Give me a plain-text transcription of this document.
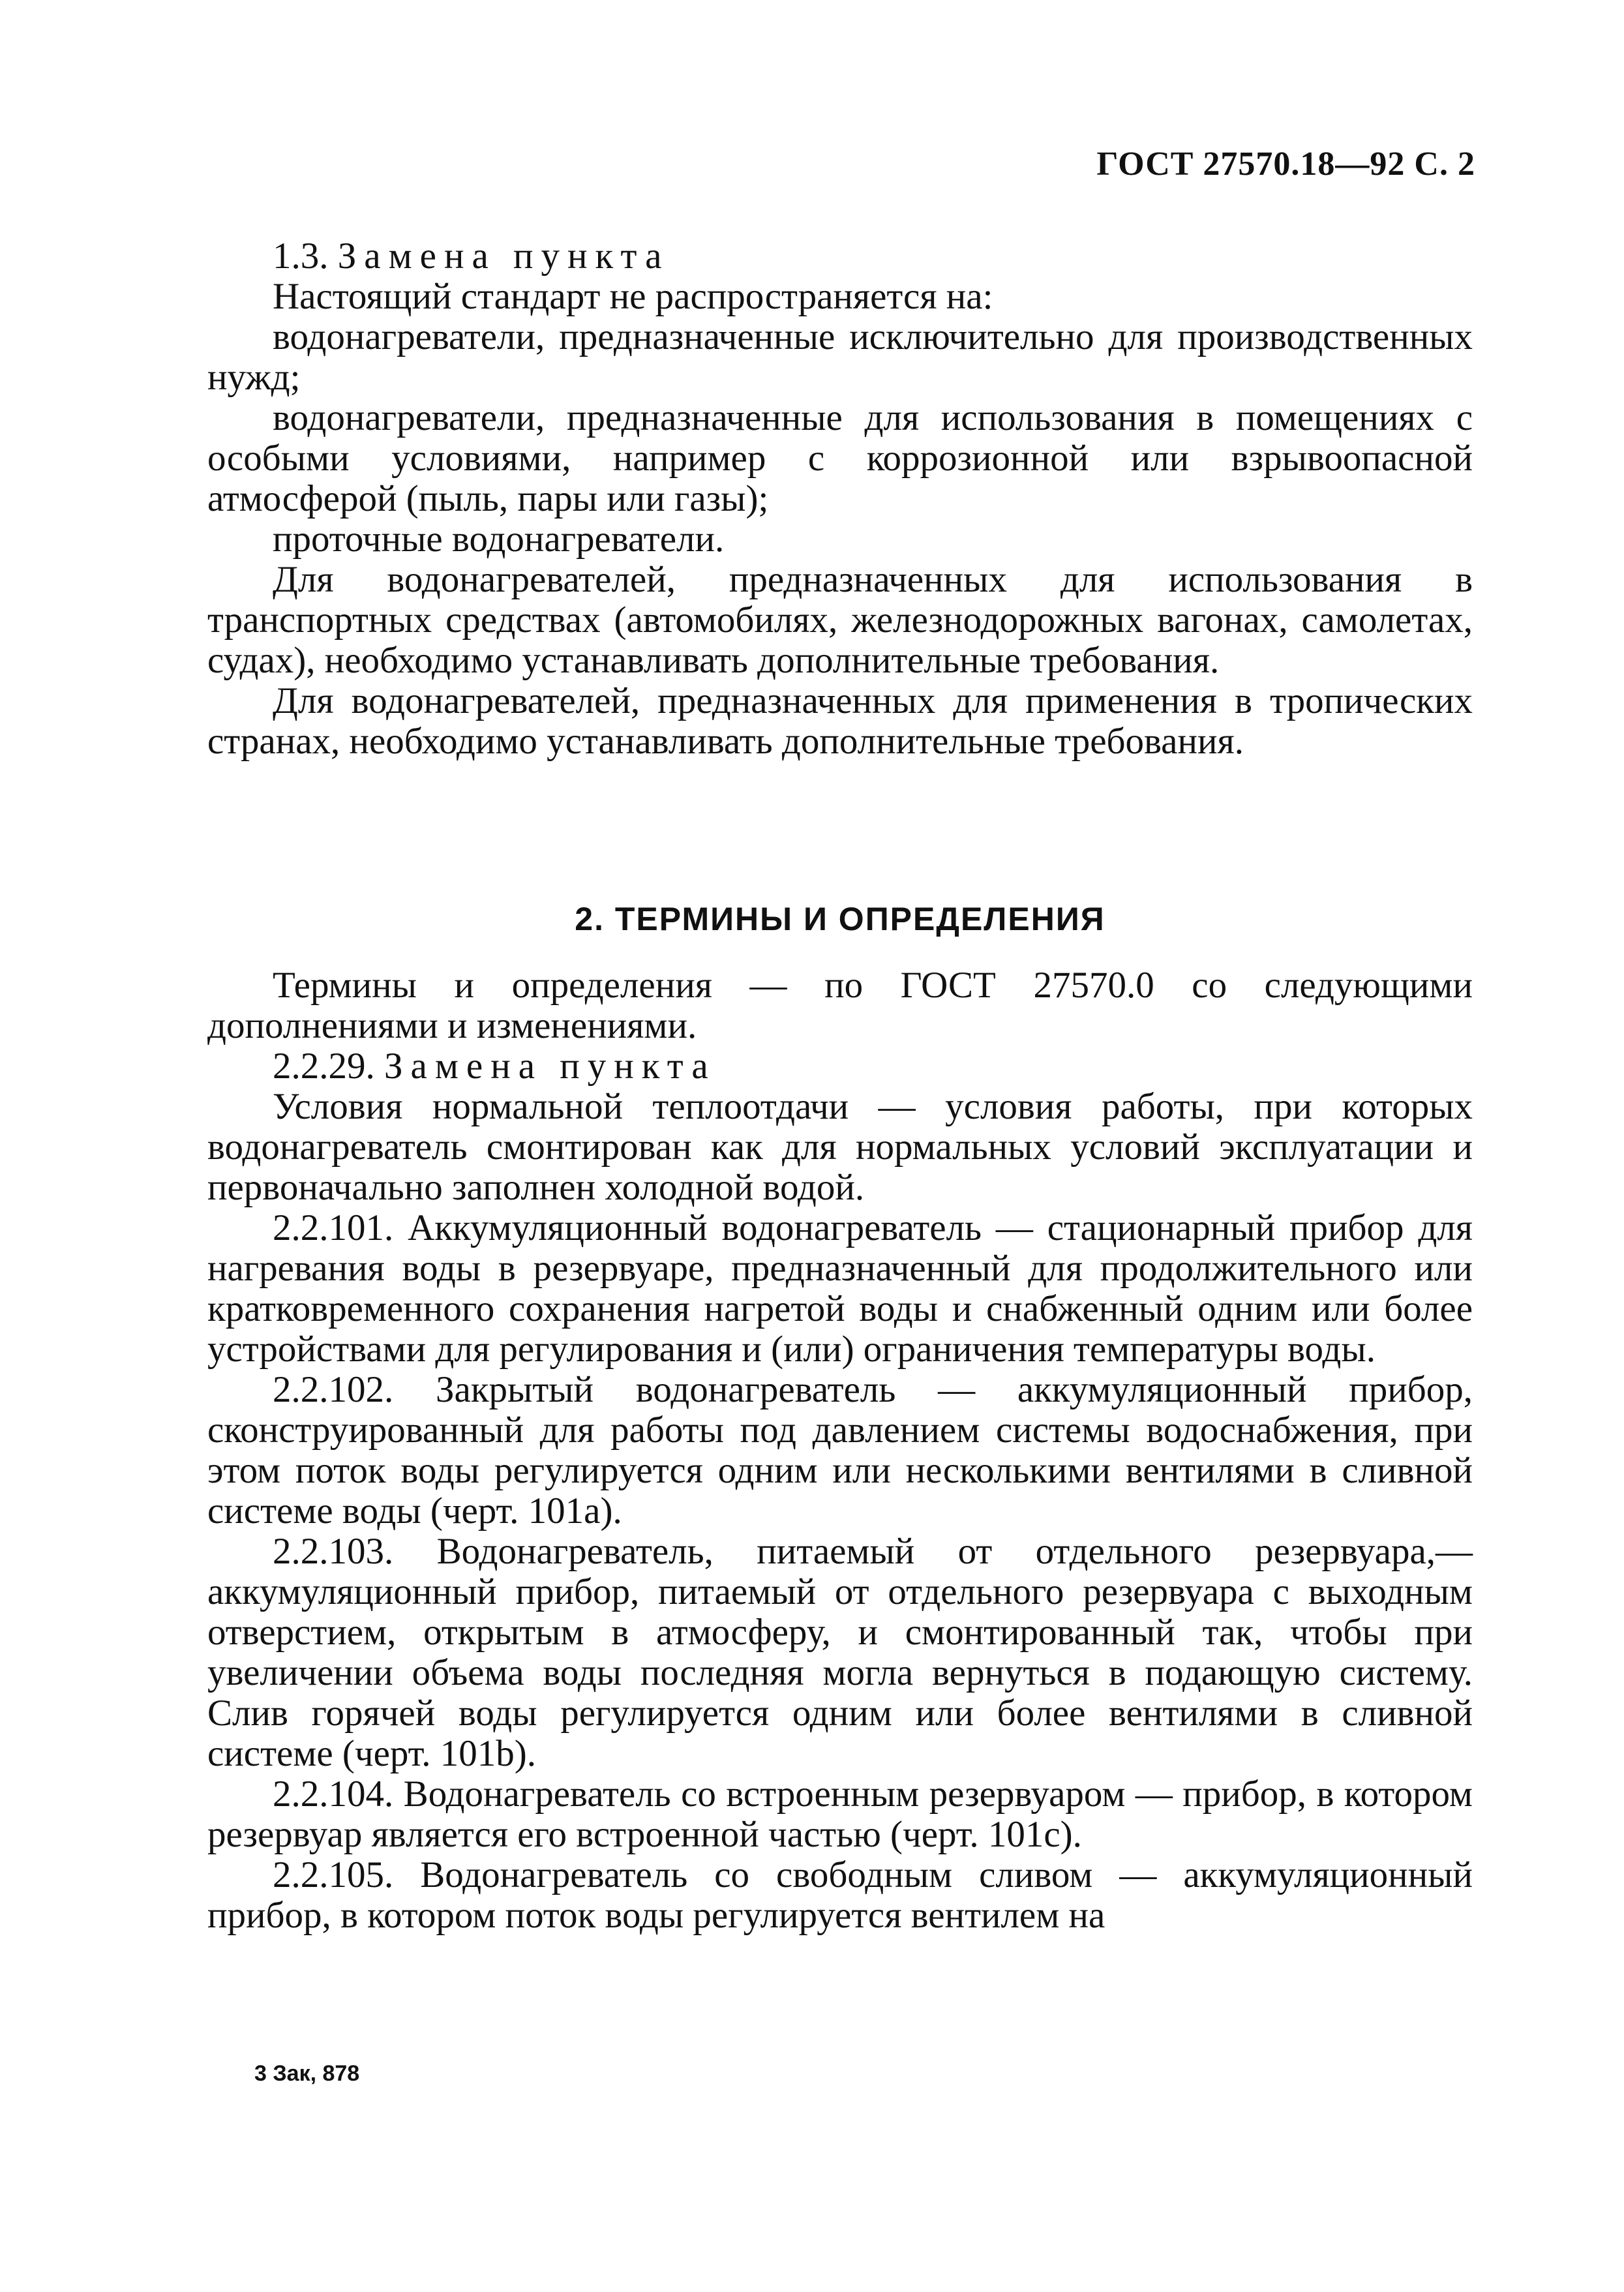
ГОСТ 27570.18—92 С. 2

1.3. Замена пункта

Настоящий стандарт не распространяется на:

водонагреватели, предназначенные исключительно для производственных нужд;

водонагреватели, предназначенные для использования в помещениях с особыми условиями, например с коррозионной или взрывоопасной атмосферой (пыль, пары или газы);

проточные водонагреватели.

Для водонагревателей, предназначенных для использования в транспортных средствах (автомобилях, железнодорожных вагонах, самолетах, судах), необходимо устанавливать дополнительные требования.

Для водонагревателей, предназначенных для применения в тропических странах, необходимо устанавливать дополнительные требования.

2. ТЕРМИНЫ И ОПРЕДЕЛЕНИЯ

Термины и определения — по ГОСТ 27570.0 со следующими дополнениями и изменениями.

2.2.29. Замена пункта

Условия нормальной теплоотдачи — условия работы, при которых водонагреватель смонтирован как для нормальных условий эксплуатации и первоначально заполнен холодной водой.

2.2.101. Аккумуляционный водонагреватель — стационарный прибор для нагревания воды в резервуаре, предназначенный для продолжительного или кратковременного сохранения нагретой воды и снабженный одним или более устройствами для регулирования и (или) ограничения температуры воды.

2.2.102. Закрытый водонагреватель — аккумуляционный прибор, сконструированный для работы под давлением системы водоснабжения, при этом поток воды регулируется одним или несколькими вентилями в сливной системе воды (черт. 101а).

2.2.103. Водонагреватель, питаемый от отдельного резервуара,— аккумуляционный прибор, питаемый от отдельного резервуара с выходным отверстием, открытым в атмосферу, и смонтированный так, чтобы при увеличении объема воды последняя могла вернуться в подающую систему. Слив горячей воды регулируется одним или более вентилями в сливной системе (черт. 101b).

2.2.104. Водонагреватель со встроенным резервуаром — прибор, в котором резервуар является его встроенной частью (черт. 101с).

2.2.105. Водонагреватель со свободным сливом — аккумуляционный прибор, в котором поток воды регулируется вентилем на

3 Зак, 878
